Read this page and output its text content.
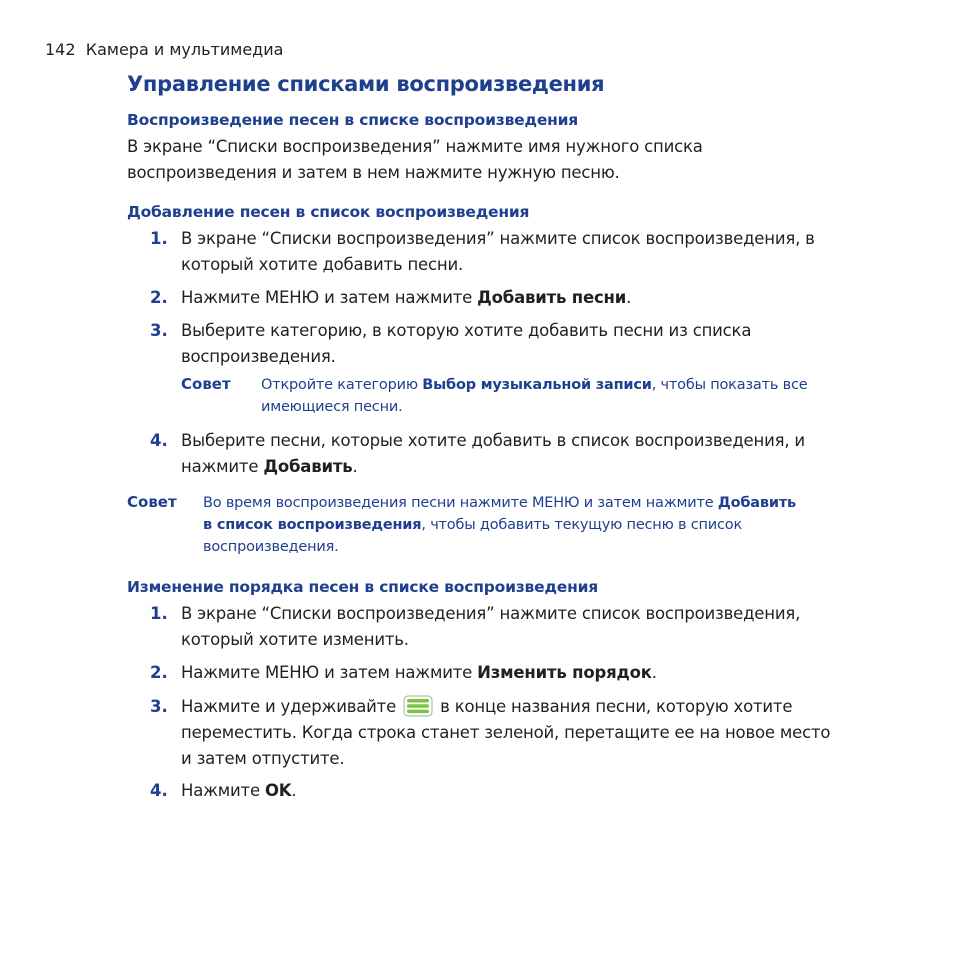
142 Камера и мультимедиа
Управление списками воспроизведения
Воспроизведение песен в списке воспроизведения
В экране “Списки воспроизведения” нажмите имя нужного списка
воспроизведения и затем в нем нажмите нужную песню.
Добавление песен в список воспроизведения
1. В экране “Списки воспроизведения” нажмите список воспроизведения, в
который хотите добавить песни.
2. Нажмите МЕНЮ и затем нажмите Добавить песни.
3. Выберите категорию, в которую хотите добавить песни из списка
воспроизведения.
Совет Откройте категорию Выбор музыкальной записи, чтобы показать все
имеющиеся песни.
4. Выберите песни, которые хотите добавить в список воспроизведения, и
нажмите Добавить.
Совет Во время воспроизведения песни нажмите МЕНЮ и затем нажмите Добавить
в список воспроизведения, чтобы добавить текущую песню в список
воспроизведения.
Изменение порядка песен в списке воспроизведения
1. В экране “Списки воспроизведения” нажмите список воспроизведения,
который хотите изменить.
2. Нажмите МЕНЮ и затем нажмите Изменить порядок.
3. Нажмите и удерживайте  в конце названия песни, которую хотите
переместить. Когда строка станет зеленой, перетащите ее на новое место
и затем отпустите.
4. Нажмите OK.
